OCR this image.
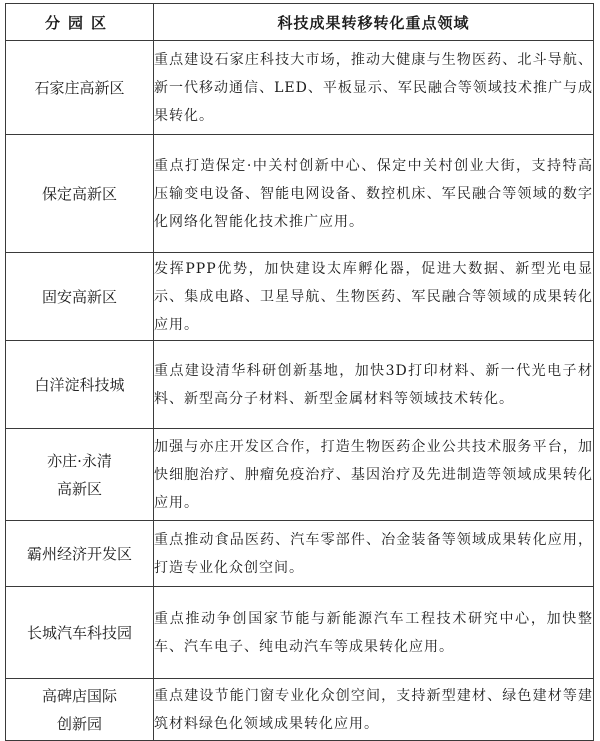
分园区	科技成果转移转化重点领域
石家庄高新区	重点建设石家庄科技大市场，推动大健康与生物医药、北斗导航、新一代移动通信、LED、平板显示、军民融合等领域技术推广与成果转化。
保定高新区	重点打造保定·中关村创新中心、保定中关村创业大街，支持特高压输变电设备、智能电网设备、数控机床、军民融合等领域的数字化网络化智能化技术推广应用。
固安高新区	发挥PPP优势，加快建设太库孵化器，促进大数据、新型光电显示、集成电路、卫星导航、生物医药、军民融合等领域的成果转化应用。
白洋淀科技城	重点建设清华科研创新基地，加快3D打印材料、新一代光电子材料、新型高分子材料、新型金属材料等领域技术转化。
亦庄·永清高新区	加强与亦庄开发区合作，打造生物医药企业公共技术服务平台，加快细胞治疗、肿瘤免疫治疗、基因治疗及先进制造等领域成果转化应用。
霸州经济开发区	重点推动食品医药、汽车零部件、冶金装备等领域成果转化应用，打造专业化众创空间。
长城汽车科技园	重点推动争创国家节能与新能源汽车工程技术研究中心，加快整车、汽车电子、纯电动汽车等成果转化应用。
高碑店国际创新园	重点建设节能门窗专业化众创空间，支持新型建材、绿色建材等建筑材料绿色化领域成果转化应用。
